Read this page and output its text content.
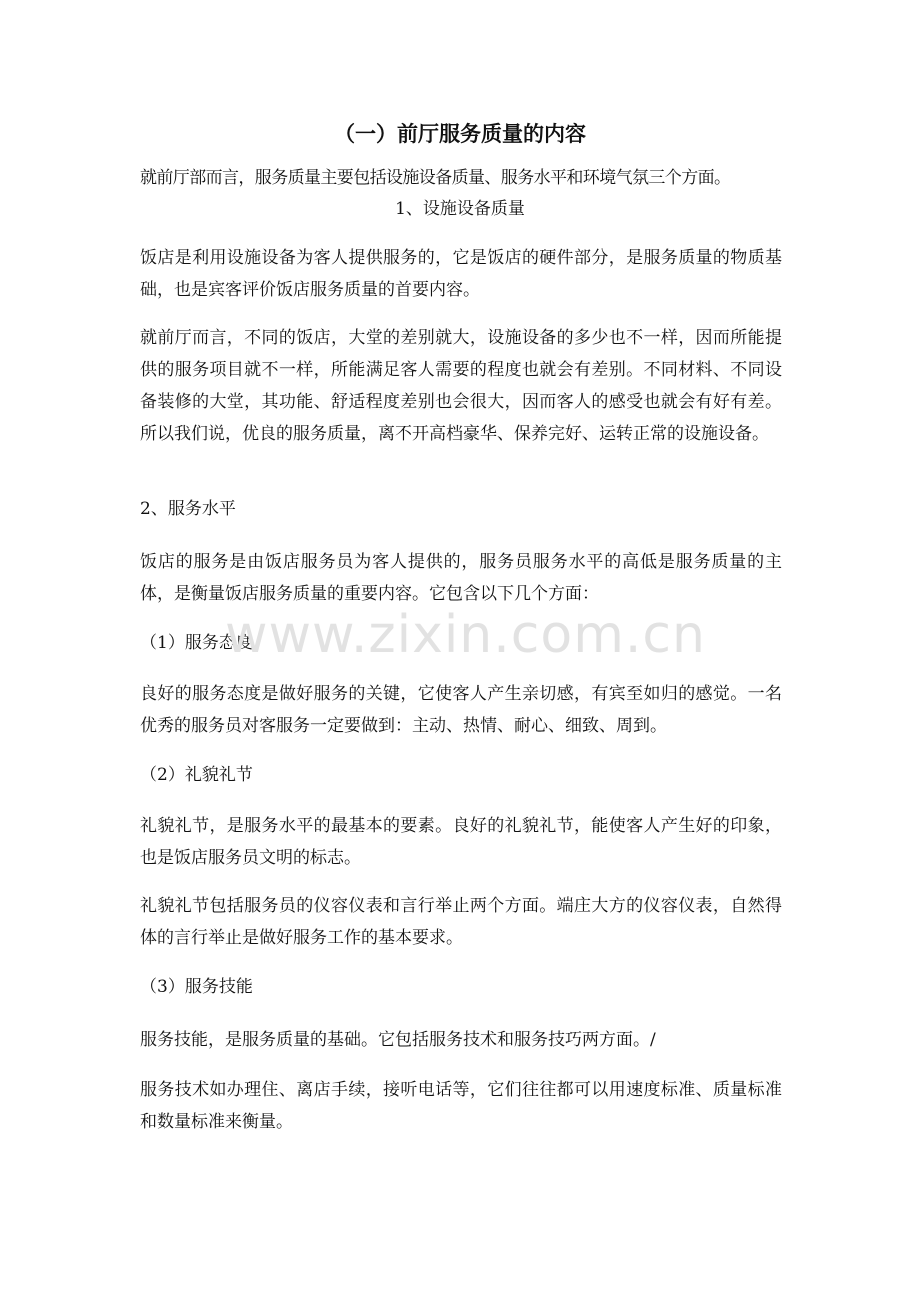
（一）前厅服务质量的内容

就前厅部而言，服务质量主要包括设施设备质量、服务水平和环境气氛三个方面。

1、设施设备质量

饭店是利用设施设备为客人提供服务的，它是饭店的硬件部分，是服务质量的物质基础，也是宾客评价饭店服务质量的首要内容。

就前厅而言，不同的饭店，大堂的差别就大，设施设备的多少也不一样，因而所能提供的服务项目就不一样，所能满足客人需要的程度也就会有差别。不同材料、不同设备装修的大堂，其功能、舒适程度差别也会很大，因而客人的感受也就会有好有差。所以我们说，优良的服务质量，离不开高档豪华、保养完好、运转正常的设施设备。

2、服务水平

饭店的服务是由饭店服务员为客人提供的，服务员服务水平的高低是服务质量的主体，是衡量饭店服务质量的重要内容。它包含以下几个方面：

（1）服务态度

良好的服务态度是做好服务的关键，它使客人产生亲切感，有宾至如归的感觉。一名优秀的服务员对客服务一定要做到：主动、热情、耐心、细致、周到。

（2）礼貌礼节

礼貌礼节，是服务水平的最基本的要素。良好的礼貌礼节，能使客人产生好的印象，也是饭店服务员文明的标志。

礼貌礼节包括服务员的仪容仪表和言行举止两个方面。端庄大方的仪容仪表，自然得体的言行举止是做好服务工作的基本要求。

（3）服务技能

服务技能，是服务质量的基础。它包括服务技术和服务技巧两方面。/

服务技术如办理住、离店手续，接听电话等，它们往往都可以用速度标准、质量标准和数量标准来衡量。

www.zixin.com.cn
